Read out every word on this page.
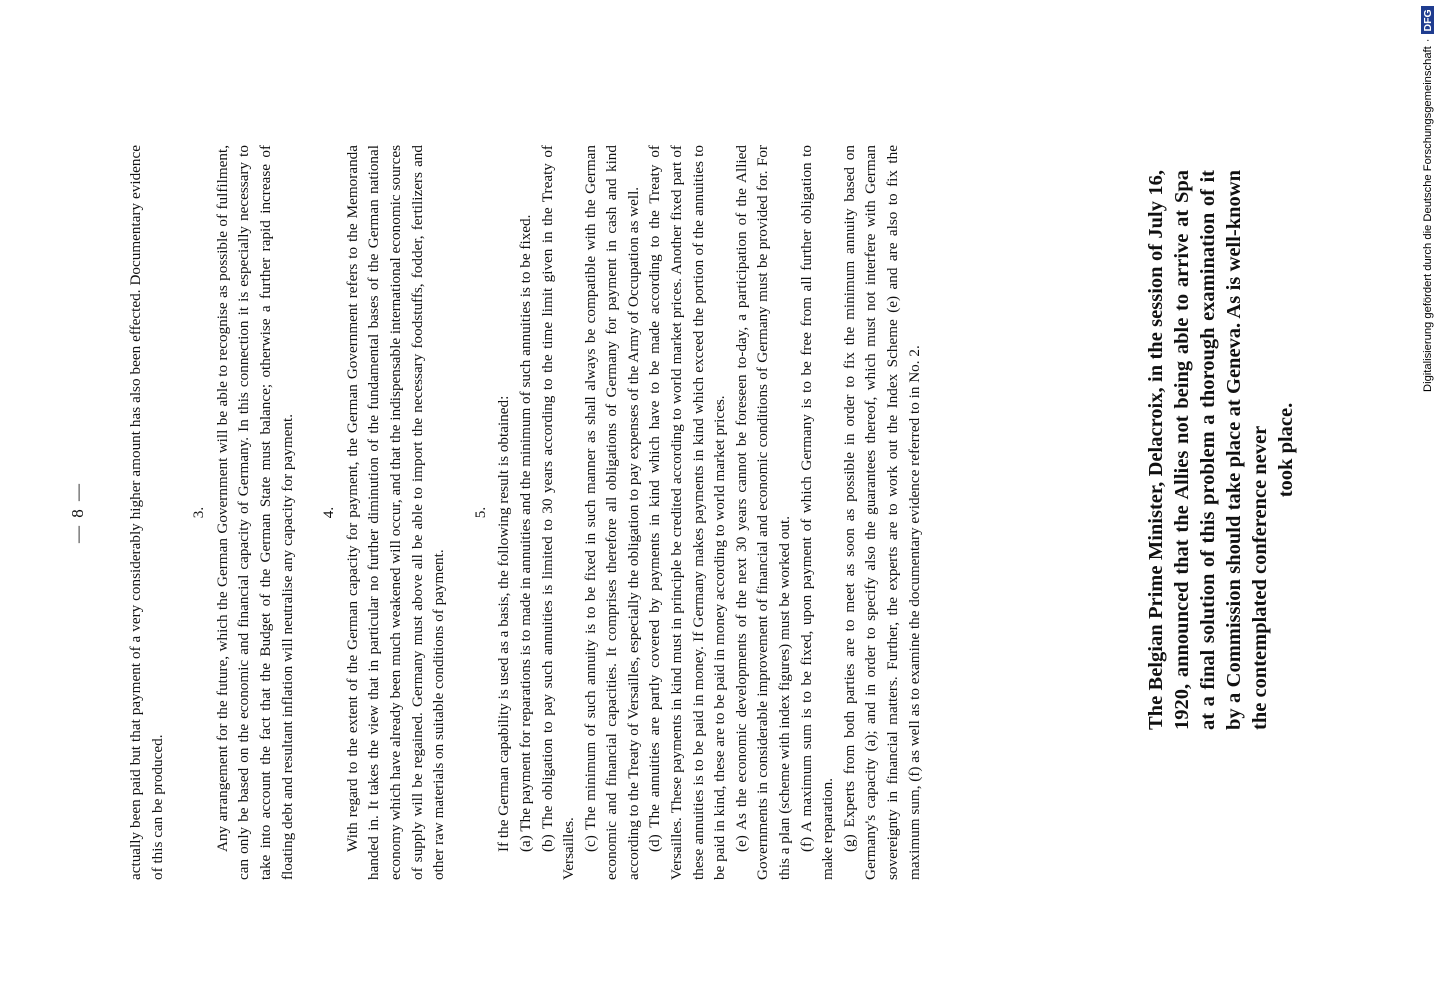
— 8 —	actually been paid but that payment of a very considerably higher amount has also been effected. Documentary evidence of this can be produced.

3. Any arrangement for the future, which the German Government will be able to recognise as possible of fulfilment, can only be based on the economic and financial capacity of Germany. In this connection it is especially necessary to take into account the fact that the Budget of the German State must balance; otherwise a further rapid increase of floating debt and resultant inflation will neutralise any capacity for payment. 4. With regard to the extent of the German capacity for payment, the German Government refers to the Memoranda handed in. It takes the view that in particular no further diminution of the fundamental bases of the German national economy which have already been much weakened will occur, and that the indispensable international economic sources of supply will be regained. Germany must above all be able to import the necessary foodstuffs, fodder, fertilizers and other raw materials on suitable conditions of payment.

5. If the German capability is used as a basis, the following result is obtained: (a) The payment for reparations is to made in annuities and the minimum of such annuities is to be fixed. (b) The obligation to pay such annuities is limited to 30 years according to the time limit given in the Treaty of Versailles. (c) The minimum of such annuity is to be fixed in such manner as shall always be compatible with the German economic and financial capacities. It comprises therefore all obligations of Germany for payment in cash and kind according to the Treaty of Versailles, especially the obligation to pay expenses of the Army of Occupation as well. (d) The annuities are partly covered by payments in kind which have to be made according to the Treaty of Versailles. These payments in kind must in principle be credited according to world market prices. Another fixed part of these annuities is to be paid in money. If Germany makes payments in kind which exceed the portion of the annuities to be paid in kind, these are to be paid in money according to world market prices. (e) As the economic developments of the next 30 years cannot be foreseen to-day, a participation of the Allied Governments in considerable improvement of financial and economic conditions of Germany must be provided for. For this a plan (scheme with index figures) must be worked out. (f) A maximum sum is to be fixed, upon payment of which Germany is to be free from all further obligation to make reparation. (g) Experts from both parties are to meet as soon as possible in order to fix the minimum annuity based on Germany's capacity (a); and in order to specify also the guarantees thereof, which must not interfere with German sovereignty in financial matters. Further, the experts are to work out the Index Scheme (e) and are also to fix the maximum sum, (f) as well as to examine the documentary evidence referred to in No. 2.	The Belgian Prime Minister, Delacroix, in the session of July 16, 1920, announced that the Allies not being able to arrive at Spa at a final solution of this problem a thorough examination of it by a Commission should take place at Geneva. As is well-known the contemplated conference never took place.
Digitalisierung gefördert durch die Deutsche Forschungsgemeinschaft
·
DFG
